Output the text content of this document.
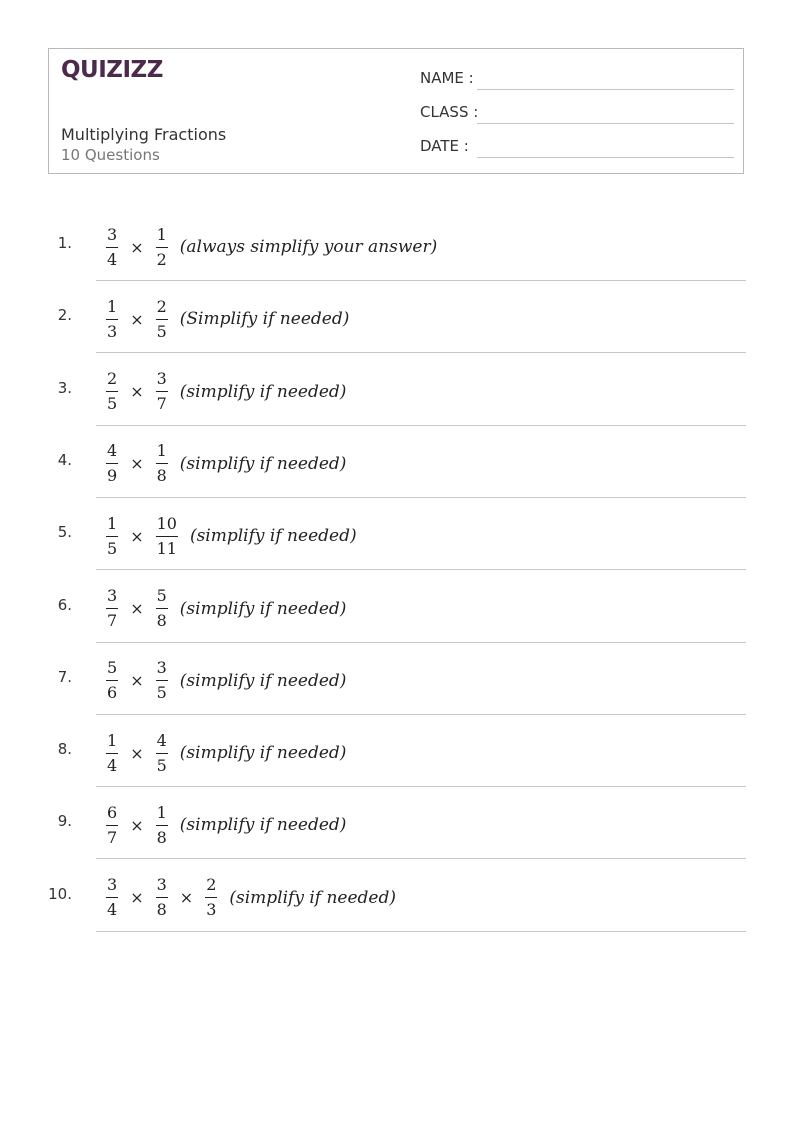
QUIZIZZ
Multiplying Fractions
10 Questions
NAME :
CLASS :
DATE :
1. $\frac{3}{4} \times \frac{1}{2}$ (always simplify your answer)
2. $\frac{1}{3} \times \frac{2}{5}$ (Simplify if needed)
3. $\frac{2}{5} \times \frac{3}{7}$ (simplify if needed)
4. $\frac{4}{9} \times \frac{1}{8}$ (simplify if needed)
5. $\frac{1}{5} \times \frac{10}{11}$ (simplify if needed)
6. $\frac{3}{7} \times \frac{5}{8}$ (simplify if needed)
7. $\frac{5}{6} \times \frac{3}{5}$ (simplify if needed)
8. $\frac{1}{4} \times \frac{4}{5}$ (simplify if needed)
9. $\frac{6}{7} \times \frac{1}{8}$ (simplify if needed)
10. $\frac{3}{4} \times \frac{3}{8} \times \frac{2}{3}$ (simplify if needed)
